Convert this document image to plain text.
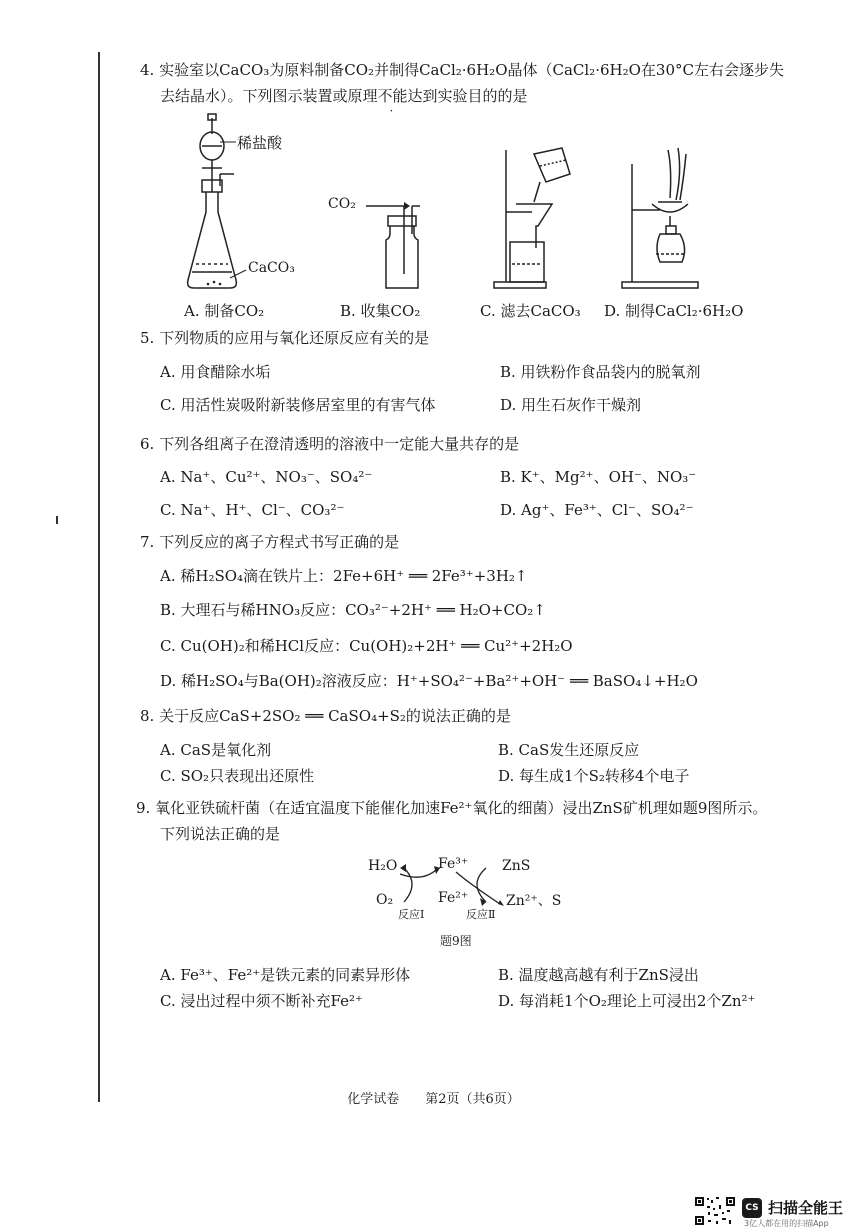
4. 实验室以CaCO₃为原料制备CO₂并制得CaCl₂·6H₂O晶体（CaCl₂·6H₂O在30°C左右会逐步失
去结晶水）。下列图示装置或原理不能达到实验目的的是
稀盐酸
CaCO₃
CO₂
A. 制备CO₂	B. 收集CO₂	C. 滤去CaCO₃ D. 制得CaCl₂·6H₂O
5. 下列物质的应用与氧化还原反应有关的是
A. 用食醋除水垢	B. 用铁粉作食品袋内的脱氧剂
C. 用活性炭吸附新装修居室里的有害气体	D. 用生石灰作干燥剂
6. 下列各组离子在澄清透明的溶液中一定能大量共存的是
A. Na⁺、Cu²⁺、NO₃⁻、SO₄²⁻	B. K⁺、Mg²⁺、OH⁻、NO₃⁻
C. Na⁺、H⁺、Cl⁻、CO₃²⁻	D. Ag⁺、Fe³⁺、Cl⁻、SO₄²⁻
7. 下列反应的离子方程式书写正确的是
A. 稀H₂SO₄滴在铁片上：2Fe+6H⁺ ══ 2Fe³⁺+3H₂↑
B. 大理石与稀HNO₃反应：CO₃²⁻+2H⁺ ══ H₂O+CO₂↑
C. Cu(OH)₂和稀HCl反应：Cu(OH)₂+2H⁺ ══ Cu²⁺+2H₂O
D. 稀H₂SO₄与Ba(OH)₂溶液反应：H⁺+SO₄²⁻+Ba²⁺+OH⁻ ══ BaSO₄↓+H₂O
8. 关于反应CaS+2SO₂ ══ CaSO₄+S₂的说法正确的是
A. CaS是氧化剂	B. CaS发生还原反应
C. SO₂只表现出还原性	D. 每生成1个S₂转移4个电子
9. 氧化亚铁硫杆菌（在适宜温度下能催化加速Fe²⁺氧化的细菌）浸出ZnS矿机理如题9图所示。
下列说法正确的是
H₂O	Fe³⁺ ZnS
O₂	Fe²⁺	Zn²⁺、S
反应Ⅰ	反应Ⅱ
题9图
A. Fe³⁺、Fe²⁺是铁元素的同素异形体	B. 温度越高越有利于ZnS浸出
C. 浸出过程中须不断补充Fe²⁺	D. 每消耗1个O₂理论上可浸出2个Zn²⁺
化学试卷　　第2页（共6页）
CS 扫描全能王
3亿人都在用的扫描App
